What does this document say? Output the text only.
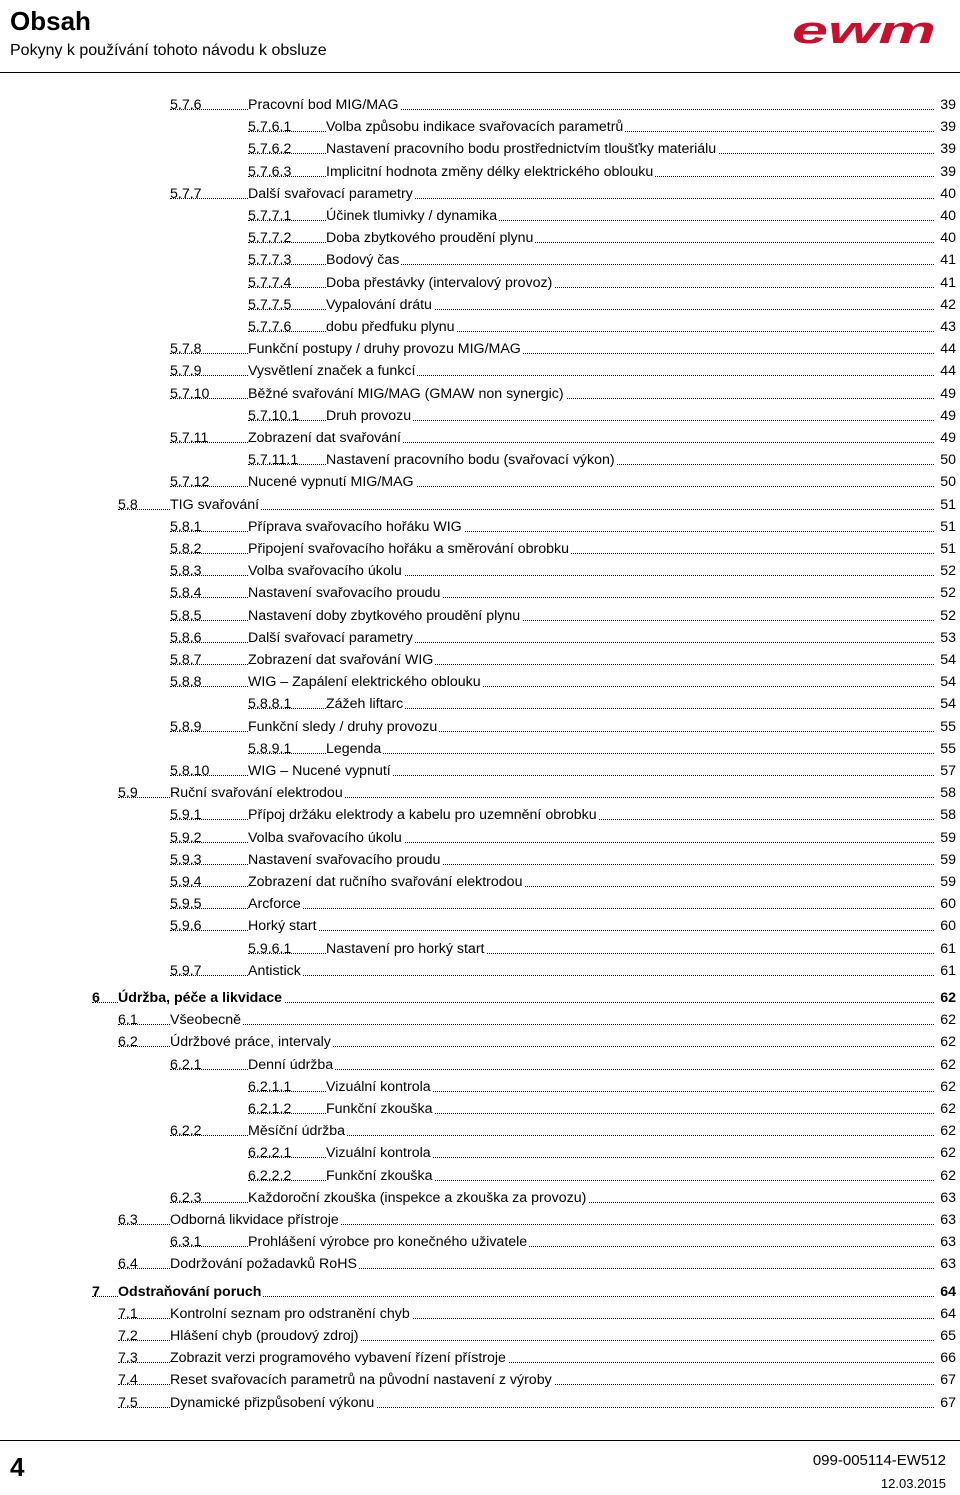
Obsah
Pokyny k používání tohoto návodu k obsluze	ewm
5.7.6	Pracovní bod MIG/MAG	39
5.7.6.1 Volba způsobu indikace svařovacích parametrů	39
5.7.6.2 Nastavení pracovního bodu prostřednictvím tloušťky materiálu	39
5.7.6.3 Implicitní hodnota změny délky elektrického oblouku	39
5.7.7	Další svařovací parametry	40
5.7.7.1 Účinek tlumivky / dynamika	40
5.7.7.2 Doba zbytkového proudění plynu	40
5.7.7.3 Bodový čas	41
5.7.7.4 Doba přestávky (intervalový provoz)	41
5.7.7.5 Vypalování drátu	42
5.7.7.6 dobu předfuku plynu	43
5.7.8	Funkční postupy / druhy provozu MIG/MAG	44
5.7.9	Vysvětlení značek a funkcí	44
5.7.10	Běžné svařování MIG/MAG (GMAW non synergic)	49
5.7.10.1 Druh provozu	49
5.7.11	Zobrazení dat svařování	49
5.7.11.1 Nastavení pracovního bodu (svařovací výkon)	50
5.7.12	Nucené vypnutí MIG/MAG	50
5.8 TIG svařování	51
5.8.1	Příprava svařovacího hořáku WIG	51
5.8.2	Připojení svařovacího hořáku a směrování obrobku	51
5.8.3	Volba svařovacího úkolu	52
5.8.4	Nastavení svařovacího proudu	52
5.8.5	Nastavení doby zbytkového proudění plynu	52
5.8.6	Další svařovací parametry	53
5.8.7	Zobrazení dat svařování WIG	54
5.8.8	WIG – Zapálení elektrického oblouku	54
5.8.8.1 Zážeh liftarc	54
5.8.9	Funkční sledy / druhy provozu	55
5.8.9.1 Legenda	55
5.8.10	WIG – Nucené vypnutí	57
5.9 Ruční svařování elektrodou	58
5.9.1	Přípoj držáku elektrody a kabelu pro uzemnění obrobku	58
5.9.2	Volba svařovacího úkolu	59
5.9.3	Nastavení svařovacího proudu	59
5.9.4	Zobrazení dat ručního svařování elektrodou	59
5.9.5	Arcforce	60
5.9.6	Horký start	60
5.9.6.1 Nastavení pro horký start	61
5.9.7	Antistick	61
6 Údržba, péče a likvidace	62
6.1 Všeobecně	62
6.2 Údržbové práce, intervaly	62
6.2.1	Denní údržba	62
6.2.1.1 Vizuální kontrola	62
6.2.1.2 Funkční zkouška	62
6.2.2	Měsíční údržba	62
6.2.2.1 Vizuální kontrola	62
6.2.2.2 Funkční zkouška	62
6.2.3	Každoroční zkouška (inspekce a zkouška za provozu)	63
6.3 Odborná likvidace přístroje	63
6.3.1	Prohlášení výrobce pro konečného uživatele	63
6.4 Dodržování požadavků RoHS	63
7 Odstraňování poruch	64
7.1 Kontrolní seznam pro odstranění chyb	64
7.2 Hlášení chyb (proudový zdroj)	65
7.3 Zobrazit verzi programového vybavení řízení přístroje	66
7.4 Reset svařovacích parametrů na původní nastavení z výroby	67
7.5 Dynamické přizpůsobení výkonu	67
4	099-005114-EW512
12.03.2015
